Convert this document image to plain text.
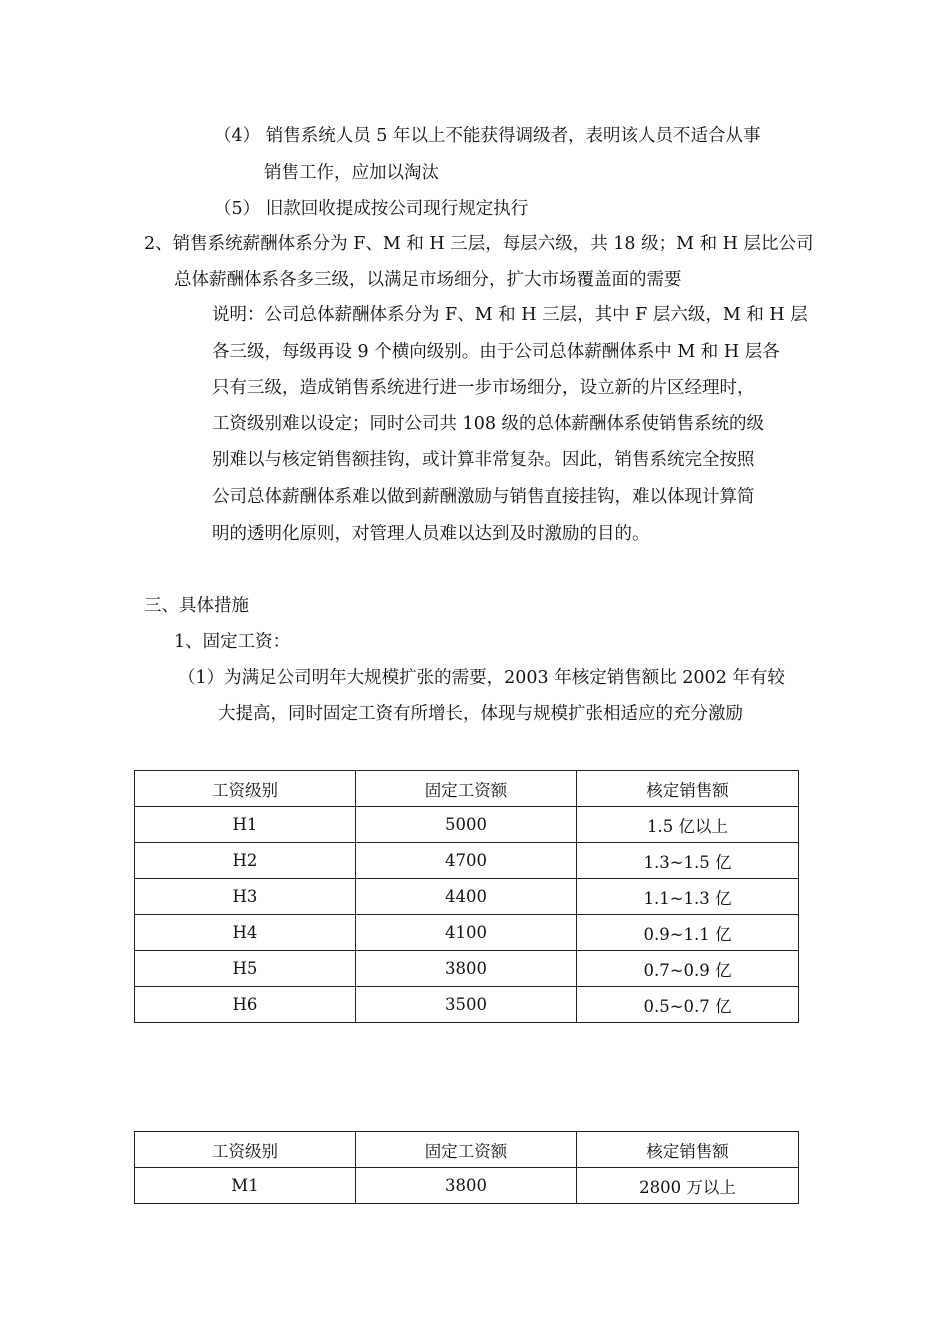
（4） 销售系统人员 5 年以上不能获得调级者，表明该人员不适合从事
销售工作，应加以淘汰
（5） 旧款回收提成按公司现行规定执行
2、销售系统薪酬体系分为 F、M 和 H 三层，每层六级，共 18 级；M 和 H 层比公司
总体薪酬体系各多三级，以满足市场细分，扩大市场覆盖面的需要
说明：公司总体薪酬体系分为 F、M 和 H 三层，其中 F 层六级，M 和 H 层
各三级，每级再设 9 个横向级别。由于公司总体薪酬体系中 M 和 H 层各
只有三级，造成销售系统进行进一步市场细分，设立新的片区经理时，
工资级别难以设定；同时公司共 108 级的总体薪酬体系使销售系统的级
别难以与核定销售额挂钩，或计算非常复杂。因此，销售系统完全按照
公司总体薪酬体系难以做到薪酬激励与销售直接挂钩，难以体现计算简
明的透明化原则，对管理人员难以达到及时激励的目的。
三、具体措施
1、固定工资：
（1）为满足公司明年大规模扩张的需要，2003 年核定销售额比 2002 年有较
大提高，同时固定工资有所增长，体现与规模扩张相适应的充分激励
工资级别	固定工资额	核定销售额
H1	5000	1.5 亿以上
H2	4700	1.3~1.5 亿
H3	4400	1.1~1.3 亿
H4	4100	0.9~1.1 亿
H5	3800	0.7~0.9 亿
H6	3500	0.5~0.7 亿
工资级别	固定工资额	核定销售额
M1	3800	2800 万以上
